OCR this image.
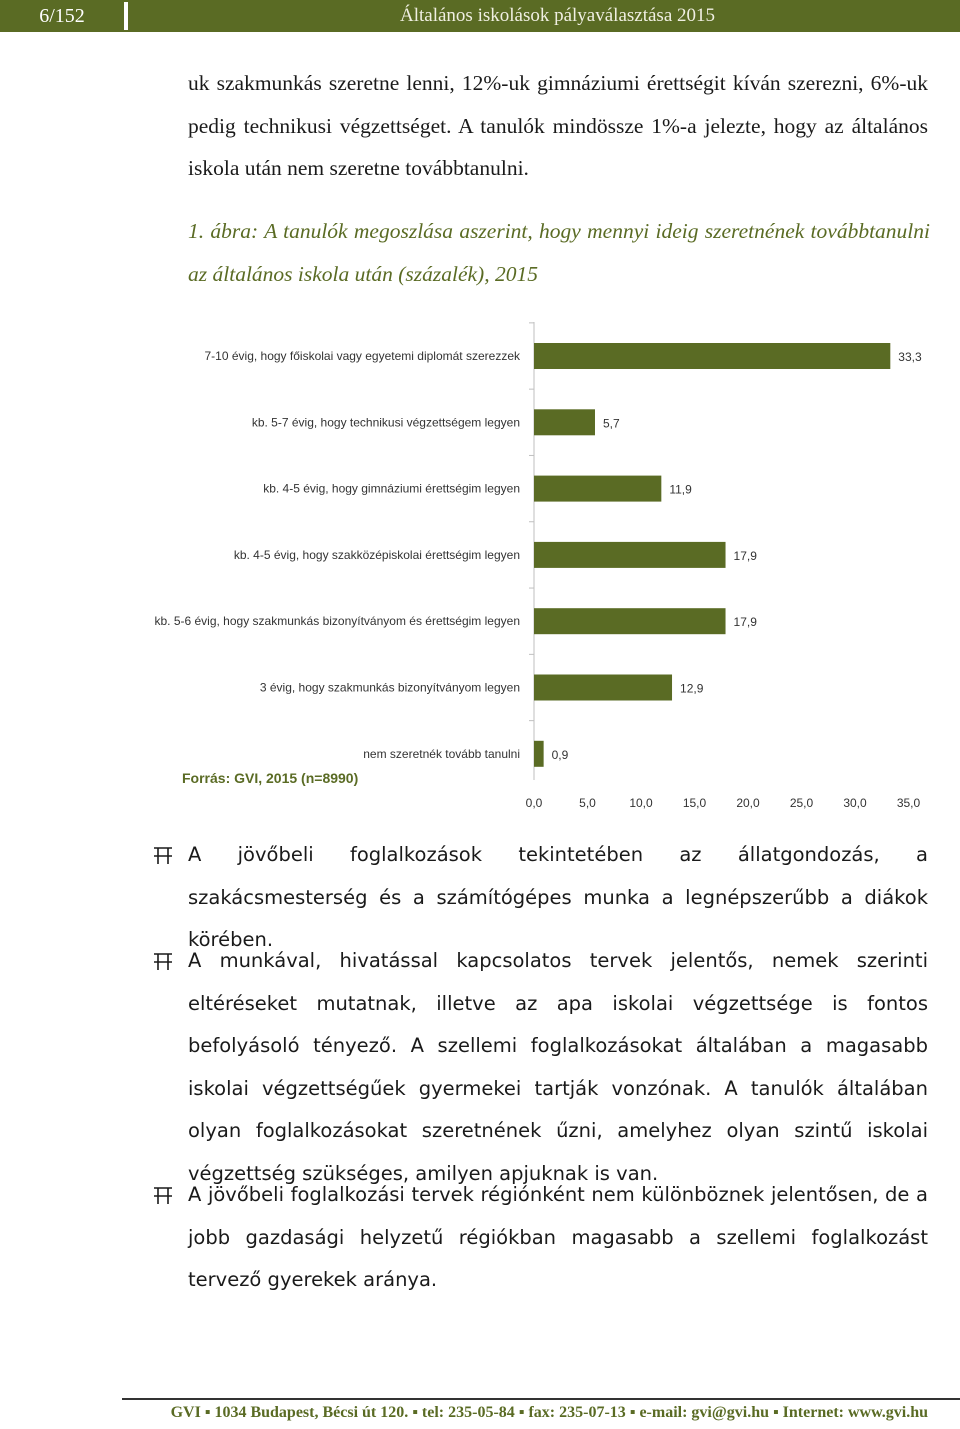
6/152	Általános iskolások pályaválasztása 2015
uk szakmunkás szeretne lenni, 12%-uk gimnáziumi érettségit kíván szerezni, 6%-uk pedig technikusi végzettséget. A tanulók mindössze 1%-a jelezte, hogy az általános iskola után nem szeretne továbbtanulni.
1. ábra: A tanulók megoszlása aszerint, hogy mennyi ideig szeretnének továbbtanulni az általános iskola után (százalék), 2015
7-10 évig, hogy főiskolai vagy egyetemi diplomát szerezzek	33,3
kb. 5-7 évig, hogy technikusi végzettségem legyen	5,7
kb. 4-5 évig, hogy gimnáziumi érettségim legyen	11,9
kb. 4-5 évig, hogy szakközépiskolai érettségim legyen	17,9
kb. 5-6 évig, hogy szakmunkás bizonyítványom és érettségim legyen	17,9
3 évig, hogy szakmunkás bizonyítványom legyen	12,9
nem szeretnék tovább tanulni	0,9
0,0	5,0	10,0	15,0	20,0	25,0	30,0	35,0
Forrás: GVI, 2015 (n=8990)
A jövőbeli foglalkozások tekintetében az állatgondozás, a szakácsmesterség és a számítógépes munka a legnépszerűbb a diákok körében.
A munkával, hivatással kapcsolatos tervek jelentős, nemek szerinti eltéréseket mutatnak, illetve az apa iskolai végzettsége is fontos befolyásoló tényező. A szellemi foglalkozásokat általában a magasabb iskolai végzettségűek gyermekei tartják vonzónak. A tanulók általában olyan foglalkozásokat szeretnének űzni, amelyhez olyan szintű iskolai végzettség szükséges, amilyen apjuknak is van.
A jövőbeli foglalkozási tervek régiónként nem különböznek jelentősen, de a jobb gazdasági helyzetű régiókban magasabb a szellemi foglalkozást tervező gyerekek aránya.
GVI ▪ 1034 Budapest, Bécsi út 120. ▪ tel: 235-05-84 ▪ fax: 235-07-13 ▪ e-mail: gvi@gvi.hu ▪ Internet: www.gvi.hu
